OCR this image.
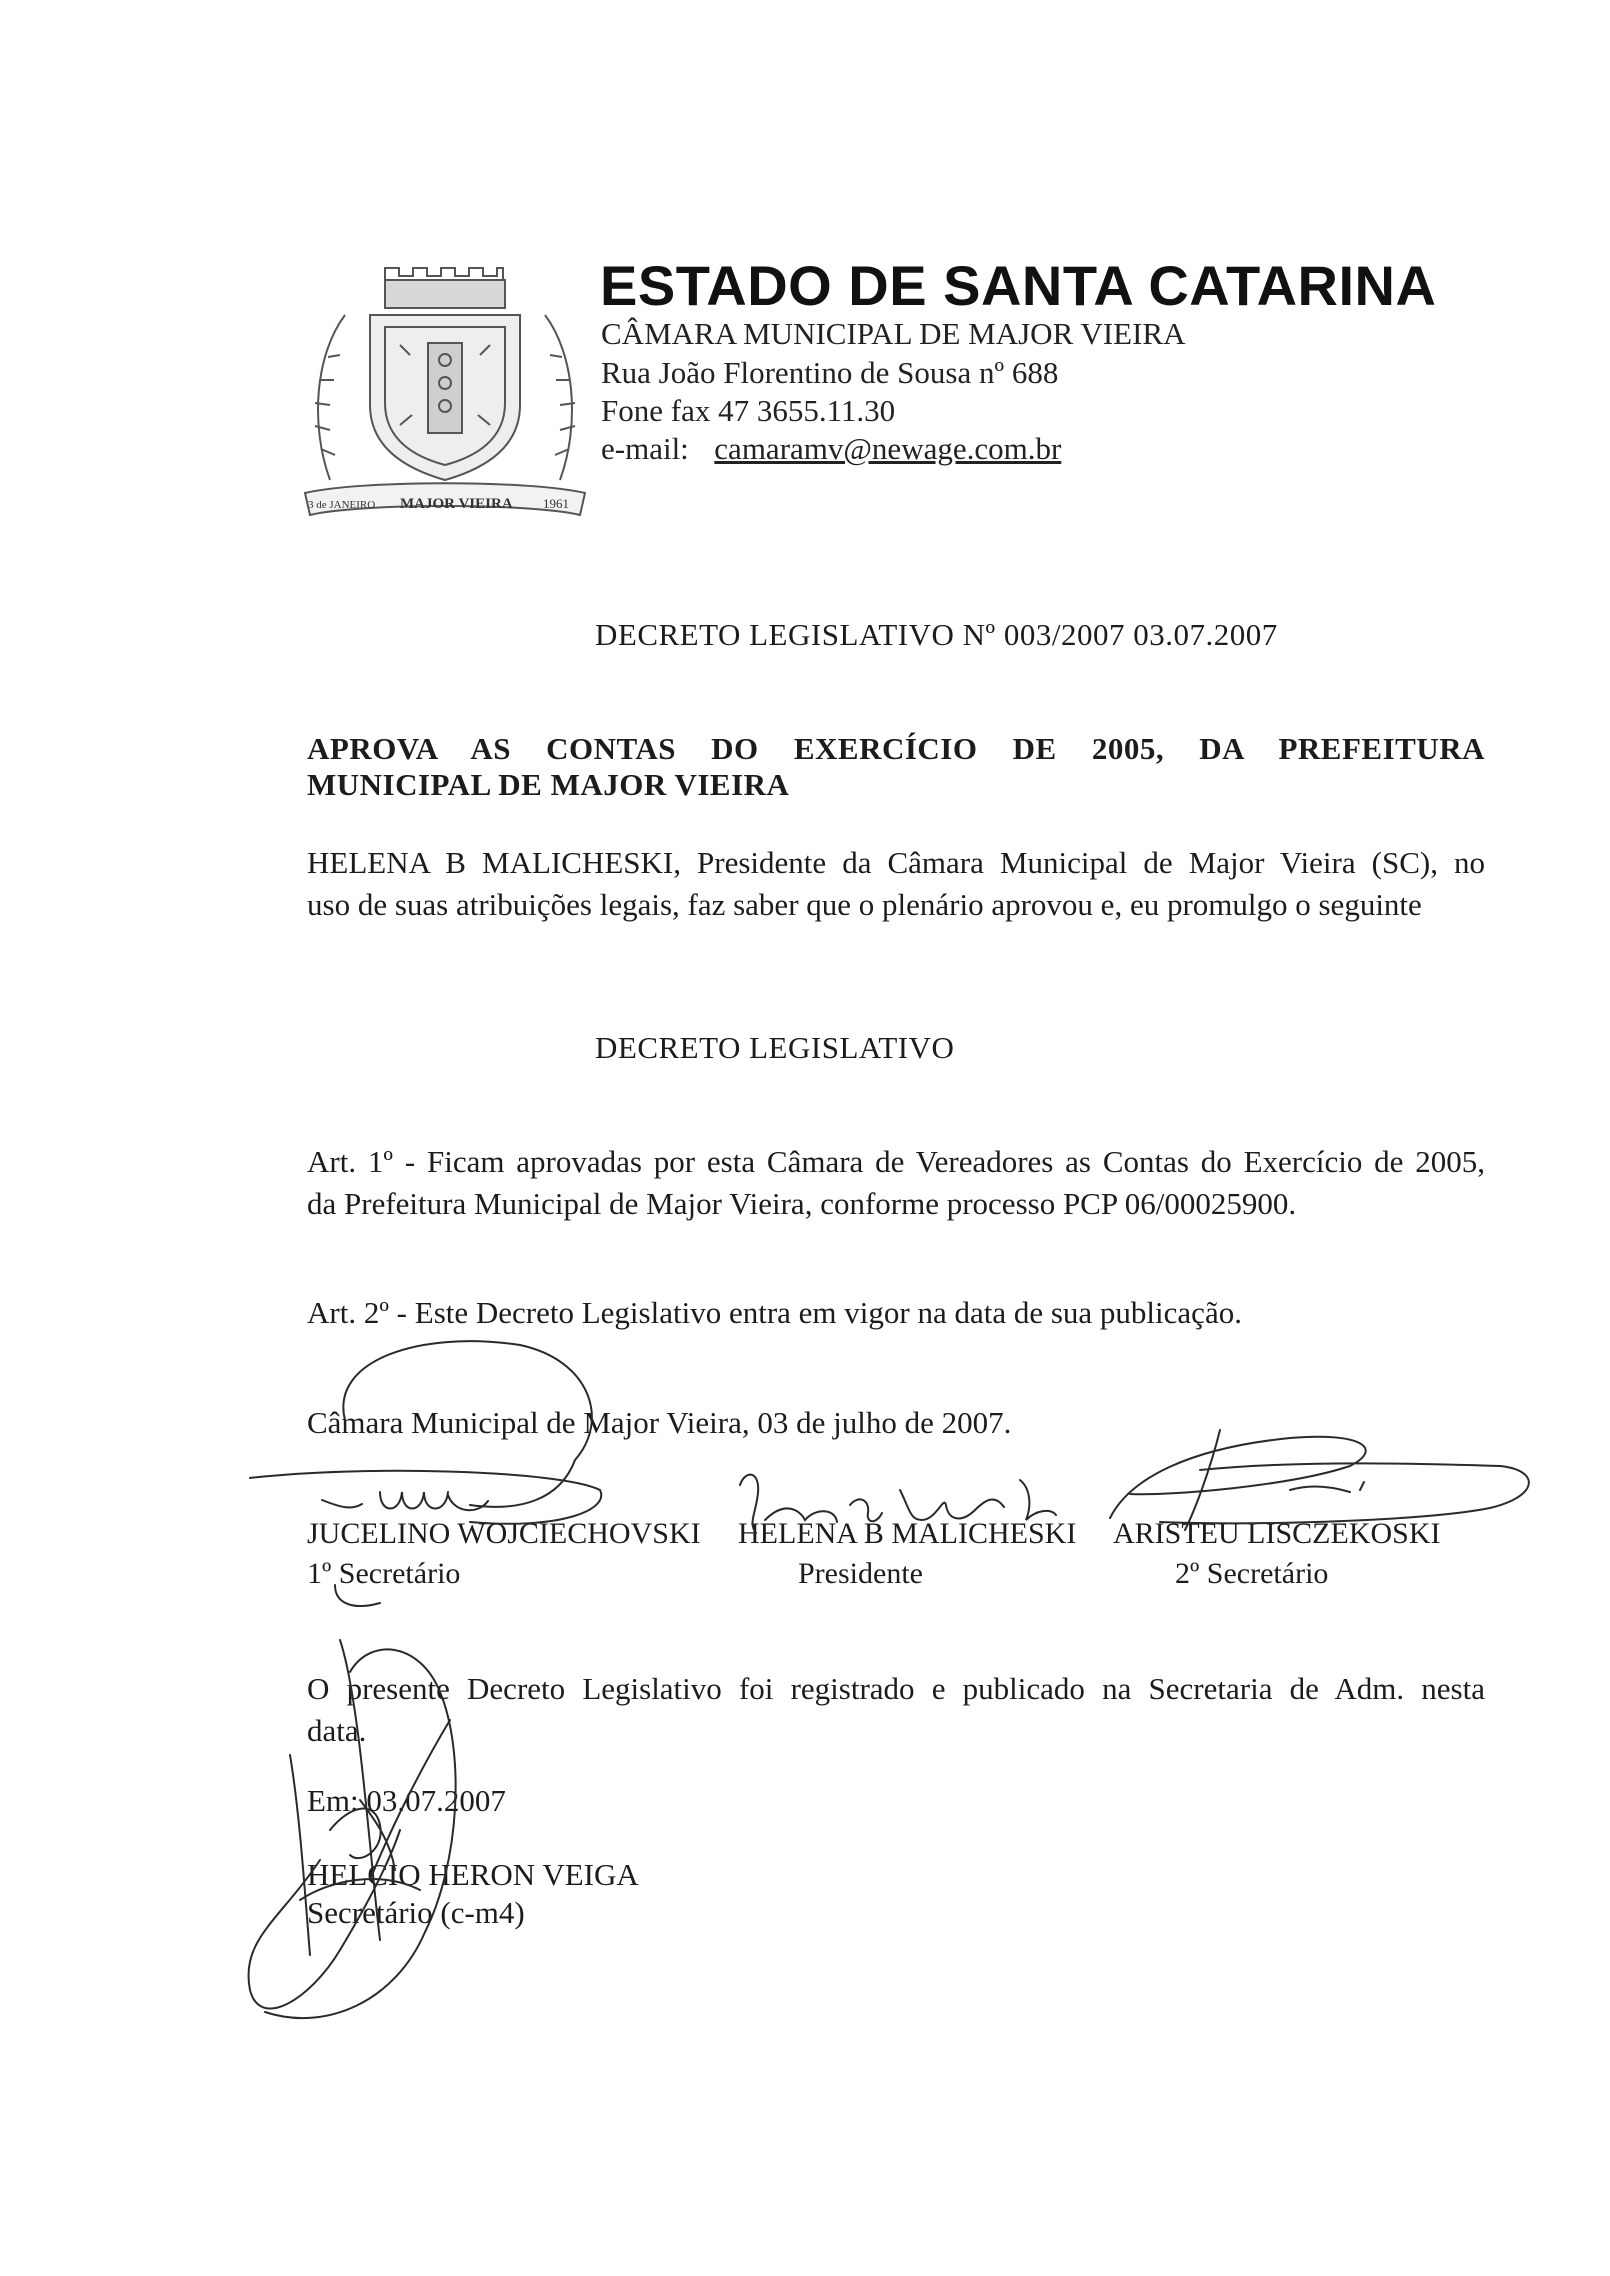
3 de JANEIRO MAJOR VIEIRA 1961
ESTADO DE SANTA CATARINA
CÂMARA MUNICIPAL DE MAJOR VIEIRA
Rua João Florentino de Sousa nº 688
Fone fax 47 3655.11.30
e-mail: camaramv@newage.com.br
DECRETO LEGISLATIVO Nº 003/2007 03.07.2007
APROVA AS CONTAS DO EXERCÍCIO DE 2005, DA PREFEITURA
MUNICIPAL DE MAJOR VIEIRA
HELENA B MALICHESKI, Presidente da Câmara Municipal de Major Vieira (SC), no
uso de suas atribuições legais, faz saber que o plenário aprovou e, eu promulgo o seguinte
DECRETO LEGISLATIVO
Art. 1º - Ficam aprovadas por esta Câmara de Vereadores as Contas do Exercício de 2005,
da Prefeitura Municipal de Major Vieira, conforme processo PCP 06/00025900.
Art. 2º - Este Decreto Legislativo entra em vigor na data de sua publicação.
Câmara Municipal de Major Vieira, 03 de julho de 2007.
JUCELINO WOJCIECHOVSKI HELENA B MALICHESKI ARISTEU LISCZEKOSKI
1º Secretário	Presidente	2º Secretário
O presente Decreto Legislativo foi registrado e publicado na Secretaria de Adm. nesta
data.
Em: 03.07.2007
HELCIO HERON VEIGA
Secretário (c-m4)
